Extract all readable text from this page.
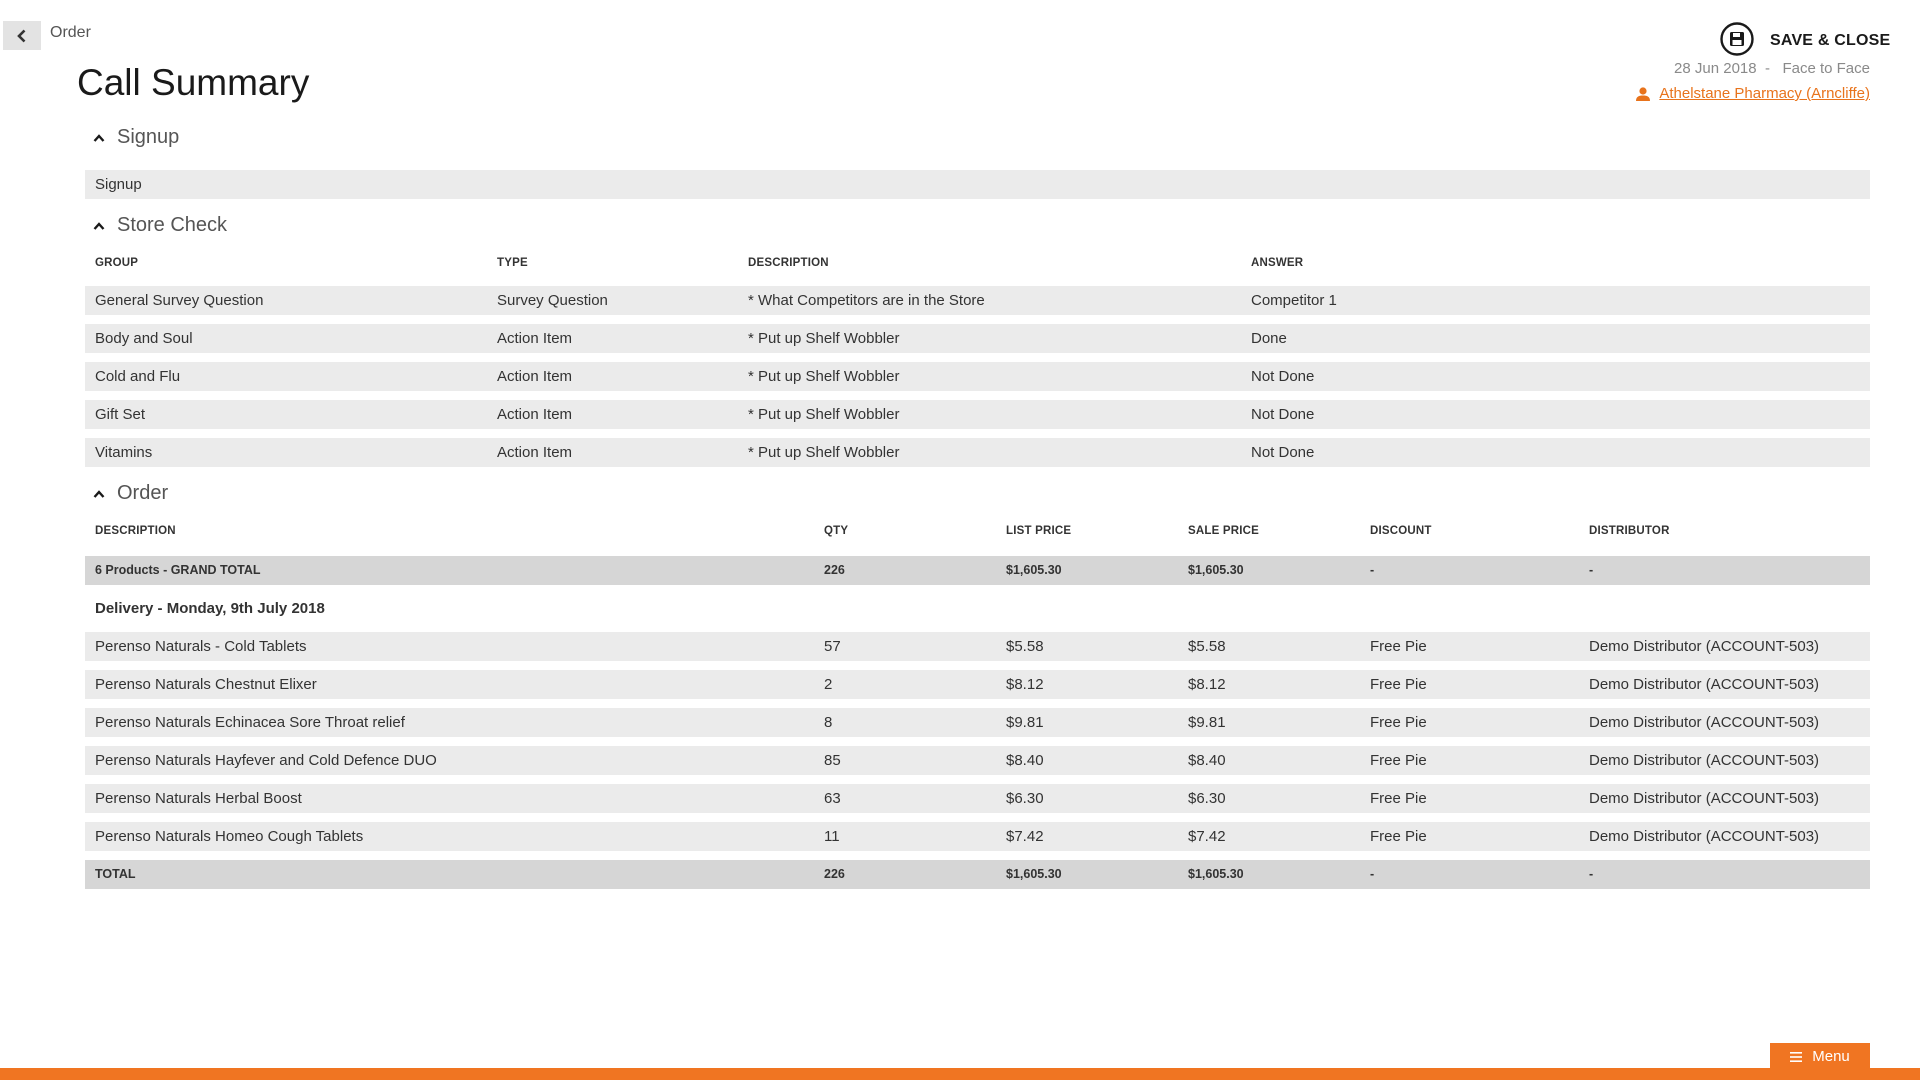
Order
Call Summary
SAVE & CLOSE
28 Jun 2018  -   Face to Face
Athelstane Pharmacy (Arncliffe)
Signup
Signup
Store Check
GROUP	TYPE	DESCRIPTION	ANSWER
General Survey Question	Survey Question	* What Competitors are in the Store	Competitor 1
Body and Soul	Action Item	* Put up Shelf Wobbler	Done
Cold and Flu	Action Item	* Put up Shelf Wobbler	Not Done
Gift Set	Action Item	* Put up Shelf Wobbler	Not Done
Vitamins	Action Item	* Put up Shelf Wobbler	Not Done
Order
DESCRIPTION	QTY	LIST PRICE	SALE PRICE	DISCOUNT	DISTRIBUTOR
6 Products - GRAND TOTAL	226	$1,605.30	$1,605.30	-	-
Delivery - Monday, 9th July 2018
Perenso Naturals - Cold Tablets	57	$5.58	$5.58	Free Pie	Demo Distributor (ACCOUNT-503)
Perenso Naturals Chestnut Elixer	2	$8.12	$8.12	Free Pie	Demo Distributor (ACCOUNT-503)
Perenso Naturals Echinacea Sore Throat relief	8	$9.81	$9.81	Free Pie	Demo Distributor (ACCOUNT-503)
Perenso Naturals Hayfever and Cold Defence DUO	85	$8.40	$8.40	Free Pie	Demo Distributor (ACCOUNT-503)
Perenso Naturals Herbal Boost	63	$6.30	$6.30	Free Pie	Demo Distributor (ACCOUNT-503)
Perenso Naturals Homeo Cough Tablets	11	$7.42	$7.42	Free Pie	Demo Distributor (ACCOUNT-503)
TOTAL	226	$1,605.30	$1,605.30	-	-
Menu
